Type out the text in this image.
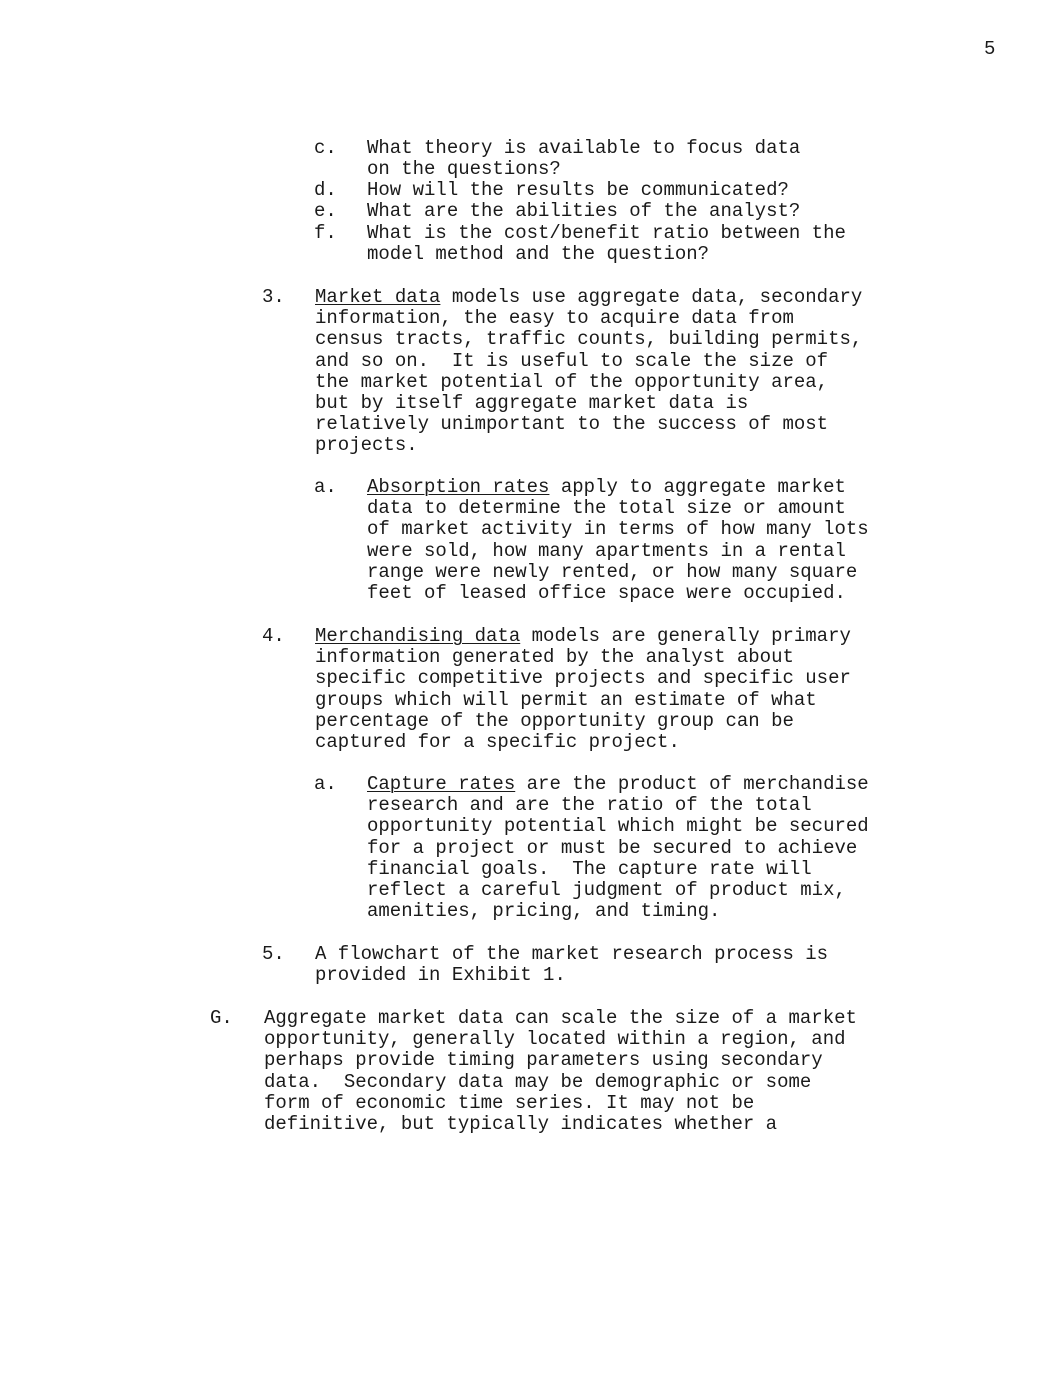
5
c. What theory is available to focus data
on the questions?
d. How will the results be communicated?
e. What are the abilities of the analyst?
f. What is the cost/benefit ratio between the
model method and the question?
3. Market data models use aggregate data, secondary
information, the easy to acquire data from
census tracts, traffic counts, building permits,
and so on.  It is useful to scale the size of
the market potential of the opportunity area,
but by itself aggregate market data is
relatively unimportant to the success of most
projects.
a. Absorption rates apply to aggregate market
data to determine the total size or amount
of market activity in terms of how many lots
were sold, how many apartments in a rental
range were newly rented, or how many square
feet of leased office space were occupied.
4. Merchandising data models are generally primary
information generated by the analyst about
specific competitive projects and specific user
groups which will permit an estimate of what
percentage of the opportunity group can be
captured for a specific project.
a. Capture rates are the product of merchandise
research and are the ratio of the total
opportunity potential which might be secured
for a project or must be secured to achieve
financial goals.  The capture rate will
reflect a careful judgment of product mix,
amenities, pricing, and timing.
5. A flowchart of the market research process is
provided in Exhibit 1.
G. Aggregate market data can scale the size of a market
opportunity, generally located within a region, and
perhaps provide timing parameters using secondary
data.  Secondary data may be demographic or some
form of economic time series. It may not be
definitive, but typically indicates whether a
